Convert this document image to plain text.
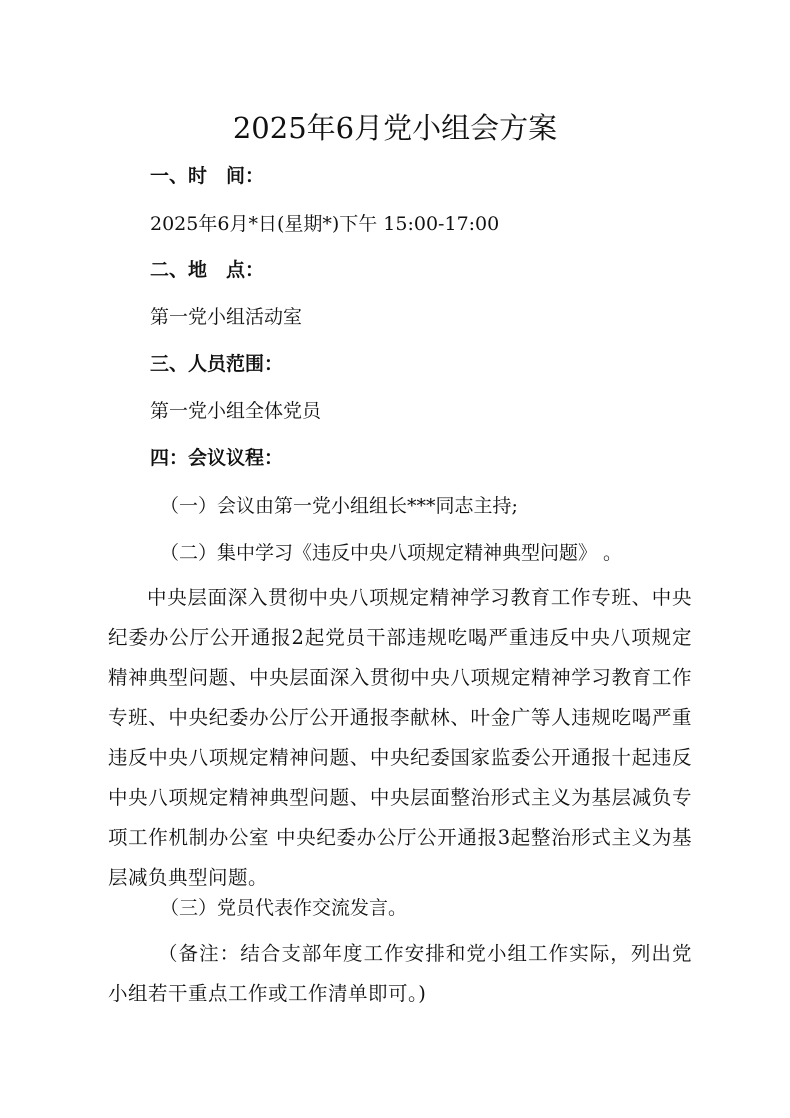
2025年6月党小组会方案
一、时　间：
2025年6月*日(星期*)下午 15:00-17:00
二、地　点：
第一党小组活动室
三、人员范围：
第一党小组全体党员
四：会议议程：
（一）会议由第一党小组组长***同志主持;
（二）集中学习《违反中央八项规定精神典型问题》 。
中央层面深入贯彻中央八项规定精神学习教育工作专班、中央纪委办公厅公开通报2起党员干部违规吃喝严重违反中央八项规定精神典型问题、中央层面深入贯彻中央八项规定精神学习教育工作专班、中央纪委办公厅公开通报李献林、叶金广等人违规吃喝严重违反中央八项规定精神问题、中央纪委国家监委公开通报十起违反中央八项规定精神典型问题、中央层面整治形式主义为基层减负专项工作机制办公室 中央纪委办公厅公开通报3起整治形式主义为基层减负典型问题。
（三）党员代表作交流发言。
（备注：结合支部年度工作安排和党小组工作实际，列出党小组若干重点工作或工作清单即可。)
